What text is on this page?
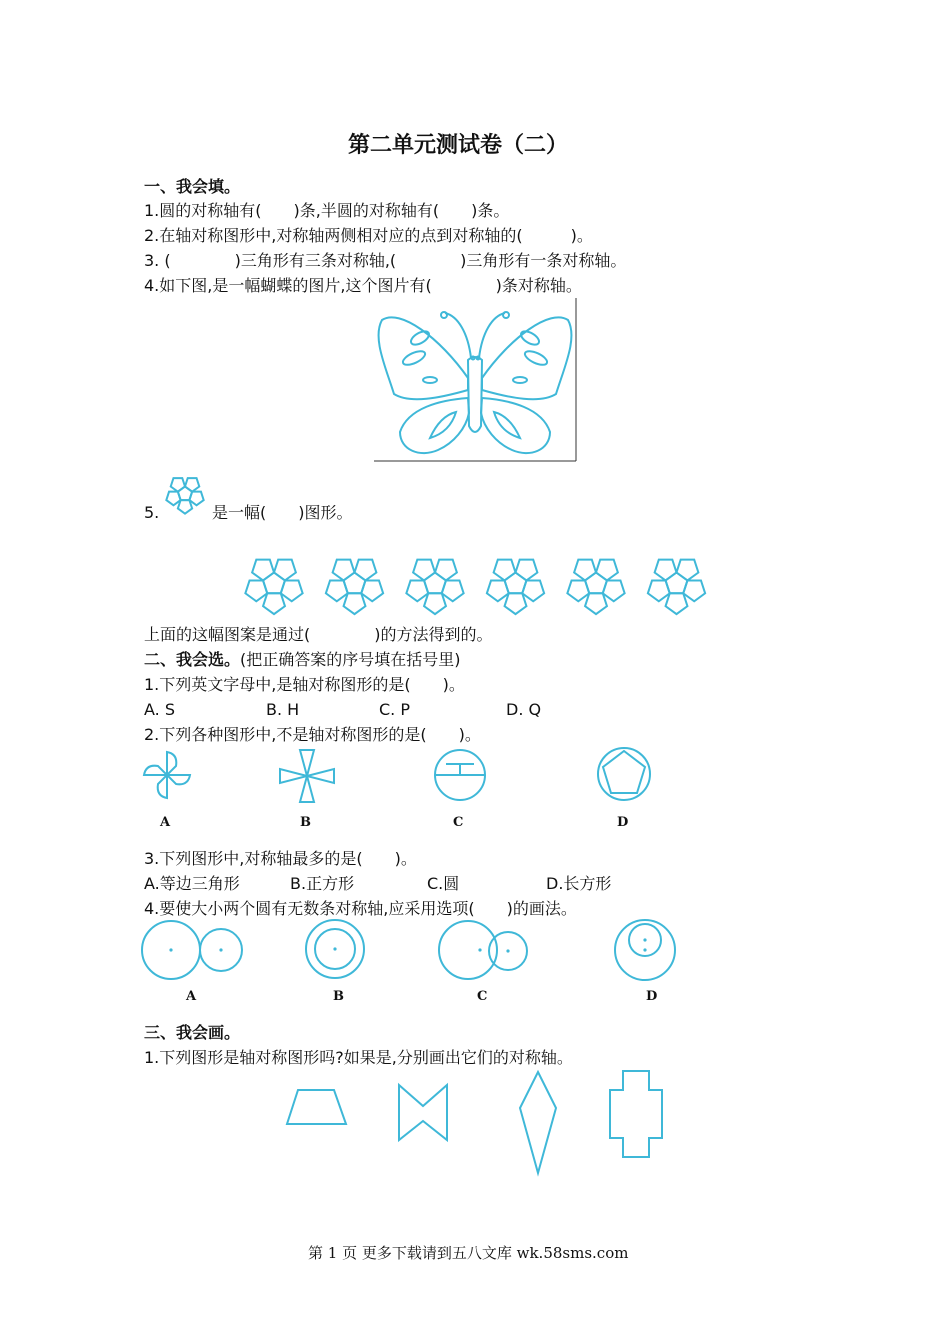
第二单元测试卷（二）
一、我会填。
1.圆的对称轴有(　　)条,半圆的对称轴有(　　)条。
2.在轴对称图形中,对称轴两侧相对应的点到对称轴的(　　　)。
3. (　　　　)三角形有三条对称轴,(　　　　)三角形有一条对称轴。
4.如下图,是一幅蝴蝶的图片,这个图片有(　　　　)条对称轴。
5.	是一幅(　　)图形。
上面的这幅图案是通过(　　　　)的方法得到的。
二、我会选。(把正确答案的序号填在括号里)
1.下列英文字母中,是轴对称图形的是(　　)。
A. S	B. H	C. P	D. Q
2.下列各种图形中,不是轴对称图形的是(　　)。
A	B	C	D
3.下列图形中,对称轴最多的是(　　)。
A.等边三角形	B.正方形	C.圆	D.长方形
4.要使大小两个圆有无数条对称轴,应采用选项(　　)的画法。
A	B	C	D
三、我会画。
1.下列图形是轴对称图形吗?如果是,分别画出它们的对称轴。
第 1 页 更多下载请到五八文库 wk.58sms.com
